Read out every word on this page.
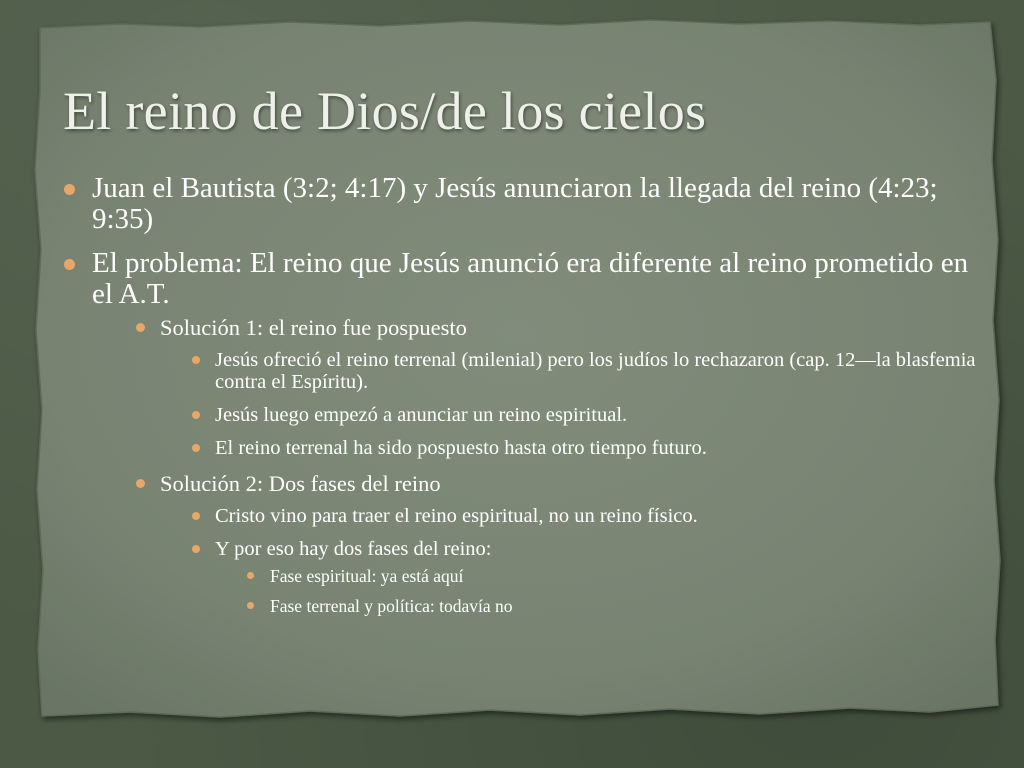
El reino de Dios/de los cielos
Juan el Bautista (3:2; 4:17) y Jesús anunciaron la llegada del reino (4:23; 9:35)
El problema: El reino que Jesús anunció era diferente al reino prometido en el A.T.
Solución 1: el reino fue pospuesto
Jesús ofreció el reino terrenal (milenial) pero los judíos lo rechazaron (cap. 12—la blasfemia contra el Espíritu).
Jesús luego empezó a anunciar un reino espiritual.
El reino terrenal ha sido pospuesto hasta otro tiempo futuro.
Solución 2: Dos fases del reino
Cristo vino para traer el reino espiritual, no un reino físico.
Y por eso hay dos fases del reino:
Fase espiritual: ya está aquí
Fase terrenal y política: todavía no
